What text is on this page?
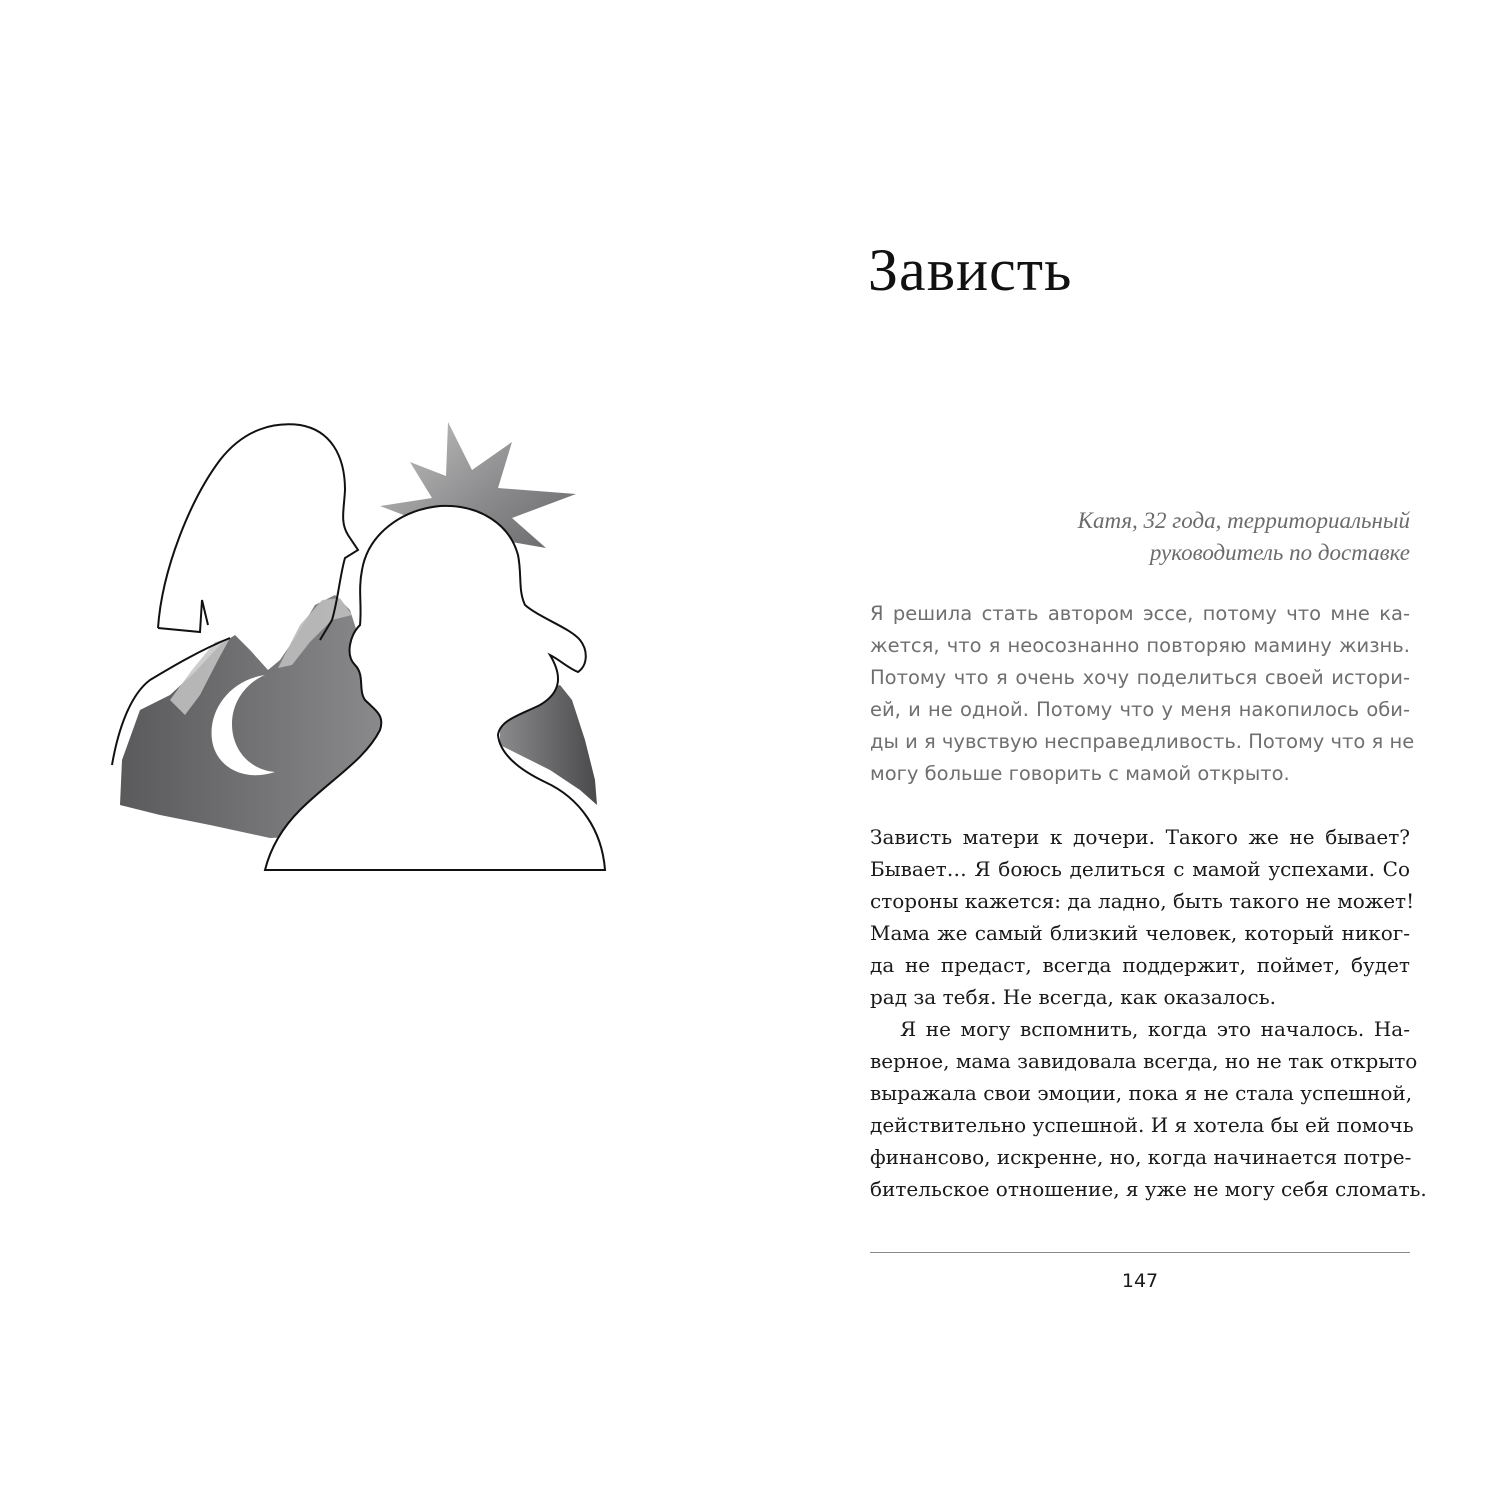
Зависть
Катя, 32 года, территориальный
руководитель по доставке
Я решила стать автором эссе, потому что мне ка-
жется, что я неосознанно повторяю мамину жизнь.
Потому что я очень хочу поделиться своей истори-
ей, и не одной. Потому что у меня накопилось оби-
ды и я чувствую несправедливость. Потому что я не
могу больше говорить с мамой открыто.
Зависть матери к дочери. Такого же не бывает?
Бывает… Я боюсь делиться с мамой успехами. Со
стороны кажется: да ладно, быть такого не может!
Мама же самый близкий человек, который никог-
да не предаст, всегда поддержит, поймет, будет
рад за тебя. Не всегда, как оказалось.
Я не могу вспомнить, когда это началось. На-
верное, мама завидовала всегда, но не так открыто
выражала свои эмоции, пока я не стала успешной,
действительно успешной. И я хотела бы ей помочь
финансово, искренне, но, когда начинается потре-
бительское отношение, я уже не могу себя сломать.
147
